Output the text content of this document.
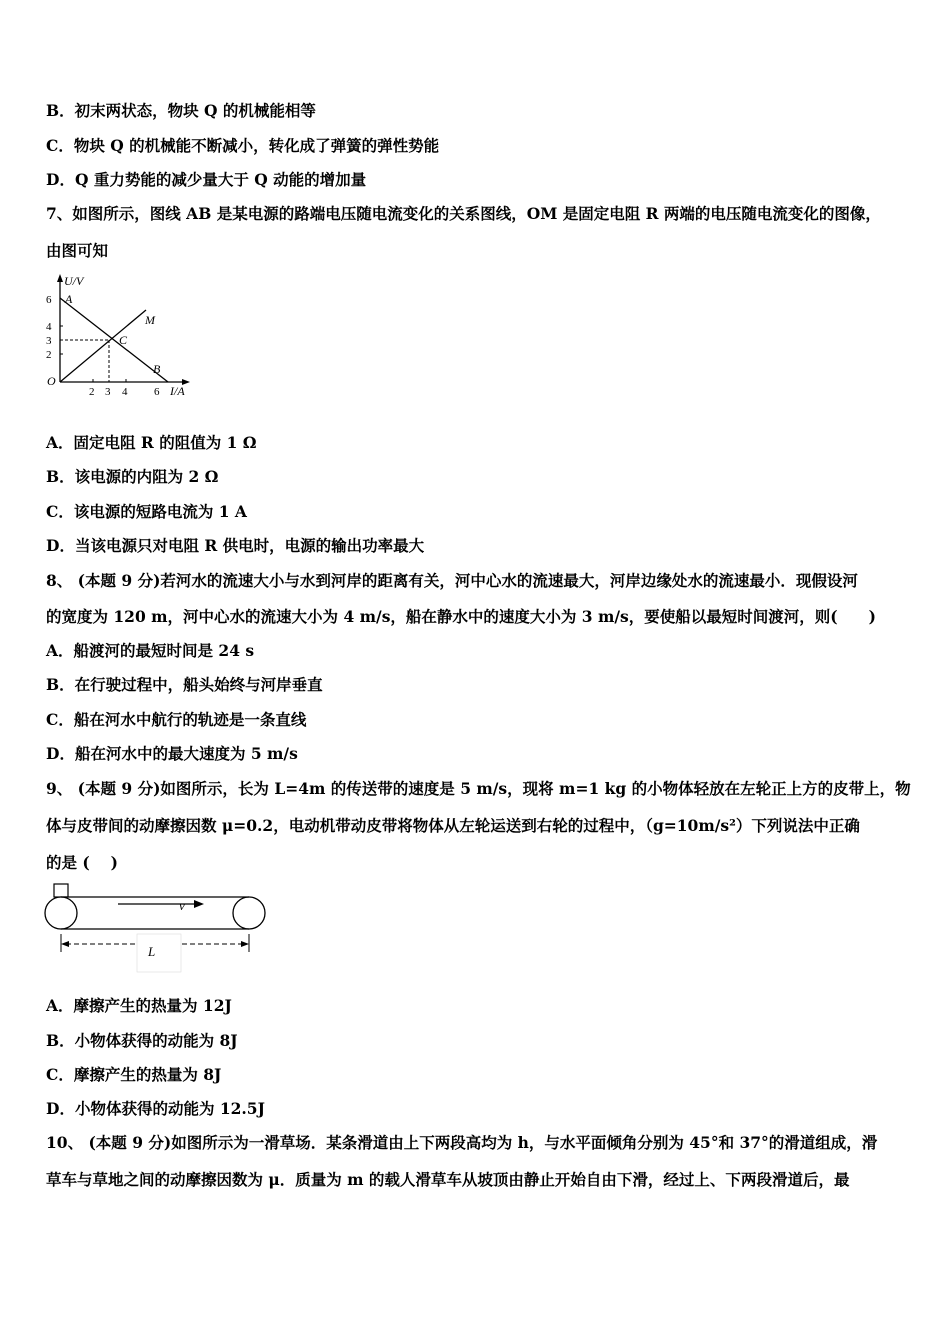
B．初末两状态，物块 Q 的机械能相等
C．物块 Q 的机械能不断减小，转化成了弹簧的弹性势能
D．Q 重力势能的减少量大于 Q 动能的增加量
7、如图所示，图线 AB 是某电源的路端电压随电流变化的关系图线，OM 是固定电阻 R 两端的电压随电流变化的图像，
由图可知
U/V
I/A
6
4
3
2
2 3 4 6
O
A
B
C
M
A．固定电阻 R 的阻值为 1 Ω
B．该电源的内阻为 2 Ω
C．该电源的短路电流为 1 A
D．当该电源只对电阻 R 供电时，电源的输出功率最大
8、 (本题 9 分)若河水的流速大小与水到河岸的距离有关，河中心水的流速最大，河岸边缘处水的流速最小．现假设河
的宽度为 120 m，河中心水的流速大小为 4 m/s，船在静水中的速度大小为 3 m/s，要使船以最短时间渡河，则(　　)
A．船渡河的最短时间是 24 s
B．在行驶过程中，船头始终与河岸垂直
C．船在河水中航行的轨迹是一条直线
D．船在河水中的最大速度为 5 m/s
9、 (本题 9 分)如图所示，长为 L=4m 的传送带的速度是 5 m/s，现将 m=1 kg 的小物体轻放在左轮正上方的皮带上，物
体与皮带间的动摩擦因数 μ=0.2，电动机带动皮带将物体从左轮运送到右轮的过程中，（g=10m/s²）下列说法中正确
的是 (　 )
v
L
A．摩擦产生的热量为 12J
B．小物体获得的动能为 8J
C．摩擦产生的热量为 8J
D．小物体获得的动能为 12.5J
10、 (本题 9 分)如图所示为一滑草场．某条滑道由上下两段高均为 h，与水平面倾角分别为 45°和 37°的滑道组成，滑
草车与草地之间的动摩擦因数为 μ．质量为 m 的载人滑草车从坡顶由静止开始自由下滑，经过上、下两段滑道后，最
